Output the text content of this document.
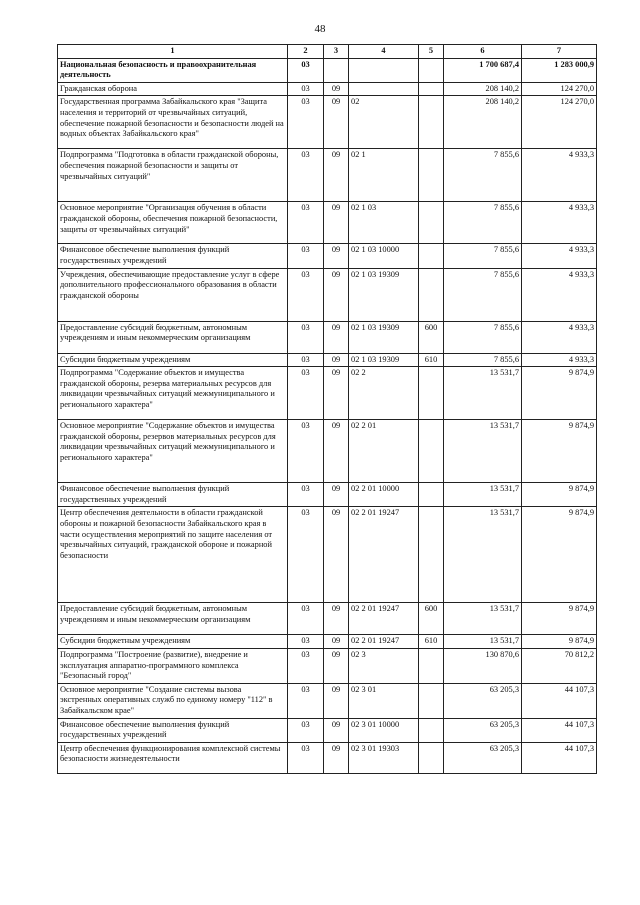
48
1	2	3	4	5	6	7
Национальная безопасность и правоохранительная деятельность	03				1 700 687,4	1 283 000,9
Гражданская оборона	03	09			208 140,2	124 270,0
Государственная программа Забайкальского края "Защита населения и территорий от чрезвычайных ситуаций, обеспечение пожарной безопасности и безопасности людей на водных объектах Забайкальского края"	03	09	02		208 140,2	124 270,0
Подпрограмма "Подготовка в области гражданской обороны, обеспечения пожарной безопасности и защиты от чрезвычайных ситуаций"	03	09	02 1		7 855,6	4 933,3
Основное мероприятие "Организация обучения в области гражданской обороны, обеспечения пожарной безопасности, защиты от чрезвычайных ситуаций"	03	09	02 1 03		7 855,6	4 933,3
Финансовое обеспечение выполнения функций государственных учреждений	03	09	02 1 03 10000		7 855,6	4 933,3
Учреждения, обеспечивающие предоставление услуг в сфере дополнительного профессионального образования в области гражданской обороны	03	09	02 1 03 19309		7 855,6	4 933,3
Предоставление субсидий бюджетным, автономным учреждениям и иным некоммерческим организациям	03	09	02 1 03 19309	600	7 855,6	4 933,3
Субсидии бюджетным учреждениям	03	09	02 1 03 19309	610	7 855,6	4 933,3
Подпрограмма "Содержание объектов и имущества гражданской обороны, резерва материальных ресурсов для ликвидации чрезвычайных ситуаций межмуниципального и регионального характера"	03	09	02 2		13 531,7	9 874,9
Основное мероприятие "Содержание объектов и имущества гражданской обороны, резервов материальных ресурсов для ликвидации чрезвычайных ситуаций межмуниципального и регионального характера"	03	09	02 2 01		13 531,7	9 874,9
Финансовое обеспечение выполнения функций государственных учреждений	03	09	02 2 01 10000		13 531,7	9 874,9
Центр обеспечения деятельности в области гражданской обороны и пожарной безопасности Забайкальского края в части осуществления мероприятий по защите населения от чрезвычайных ситуаций, гражданской обороне и пожарной безопасности	03	09	02 2 01 19247		13 531,7	9 874,9
Предоставление субсидий бюджетным, автономным учреждениям и иным некоммерческим организациям	03	09	02 2 01 19247	600	13 531,7	9 874,9
Субсидии бюджетным учреждениям	03	09	02 2 01 19247	610	13 531,7	9 874,9
Подпрограмма "Построение (развитие), внедрение и эксплуатация аппаратно-программного комплекса "Безопасный город"	03	09	02 3		130 870,6	70 812,2
Основное мероприятие "Создание системы вызова экстренных оперативных служб по единому номеру "112" в Забайкальском крае"	03	09	02 3 01		63 205,3	44 107,3
Финансовое обеспечение выполнения функций государственных учреждений	03	09	02 3 01 10000		63 205,3	44 107,3
Центр обеспечения функционирования комплексной системы безопасности жизнедеятельности	03	09	02 3 01 19303		63 205,3	44 107,3
